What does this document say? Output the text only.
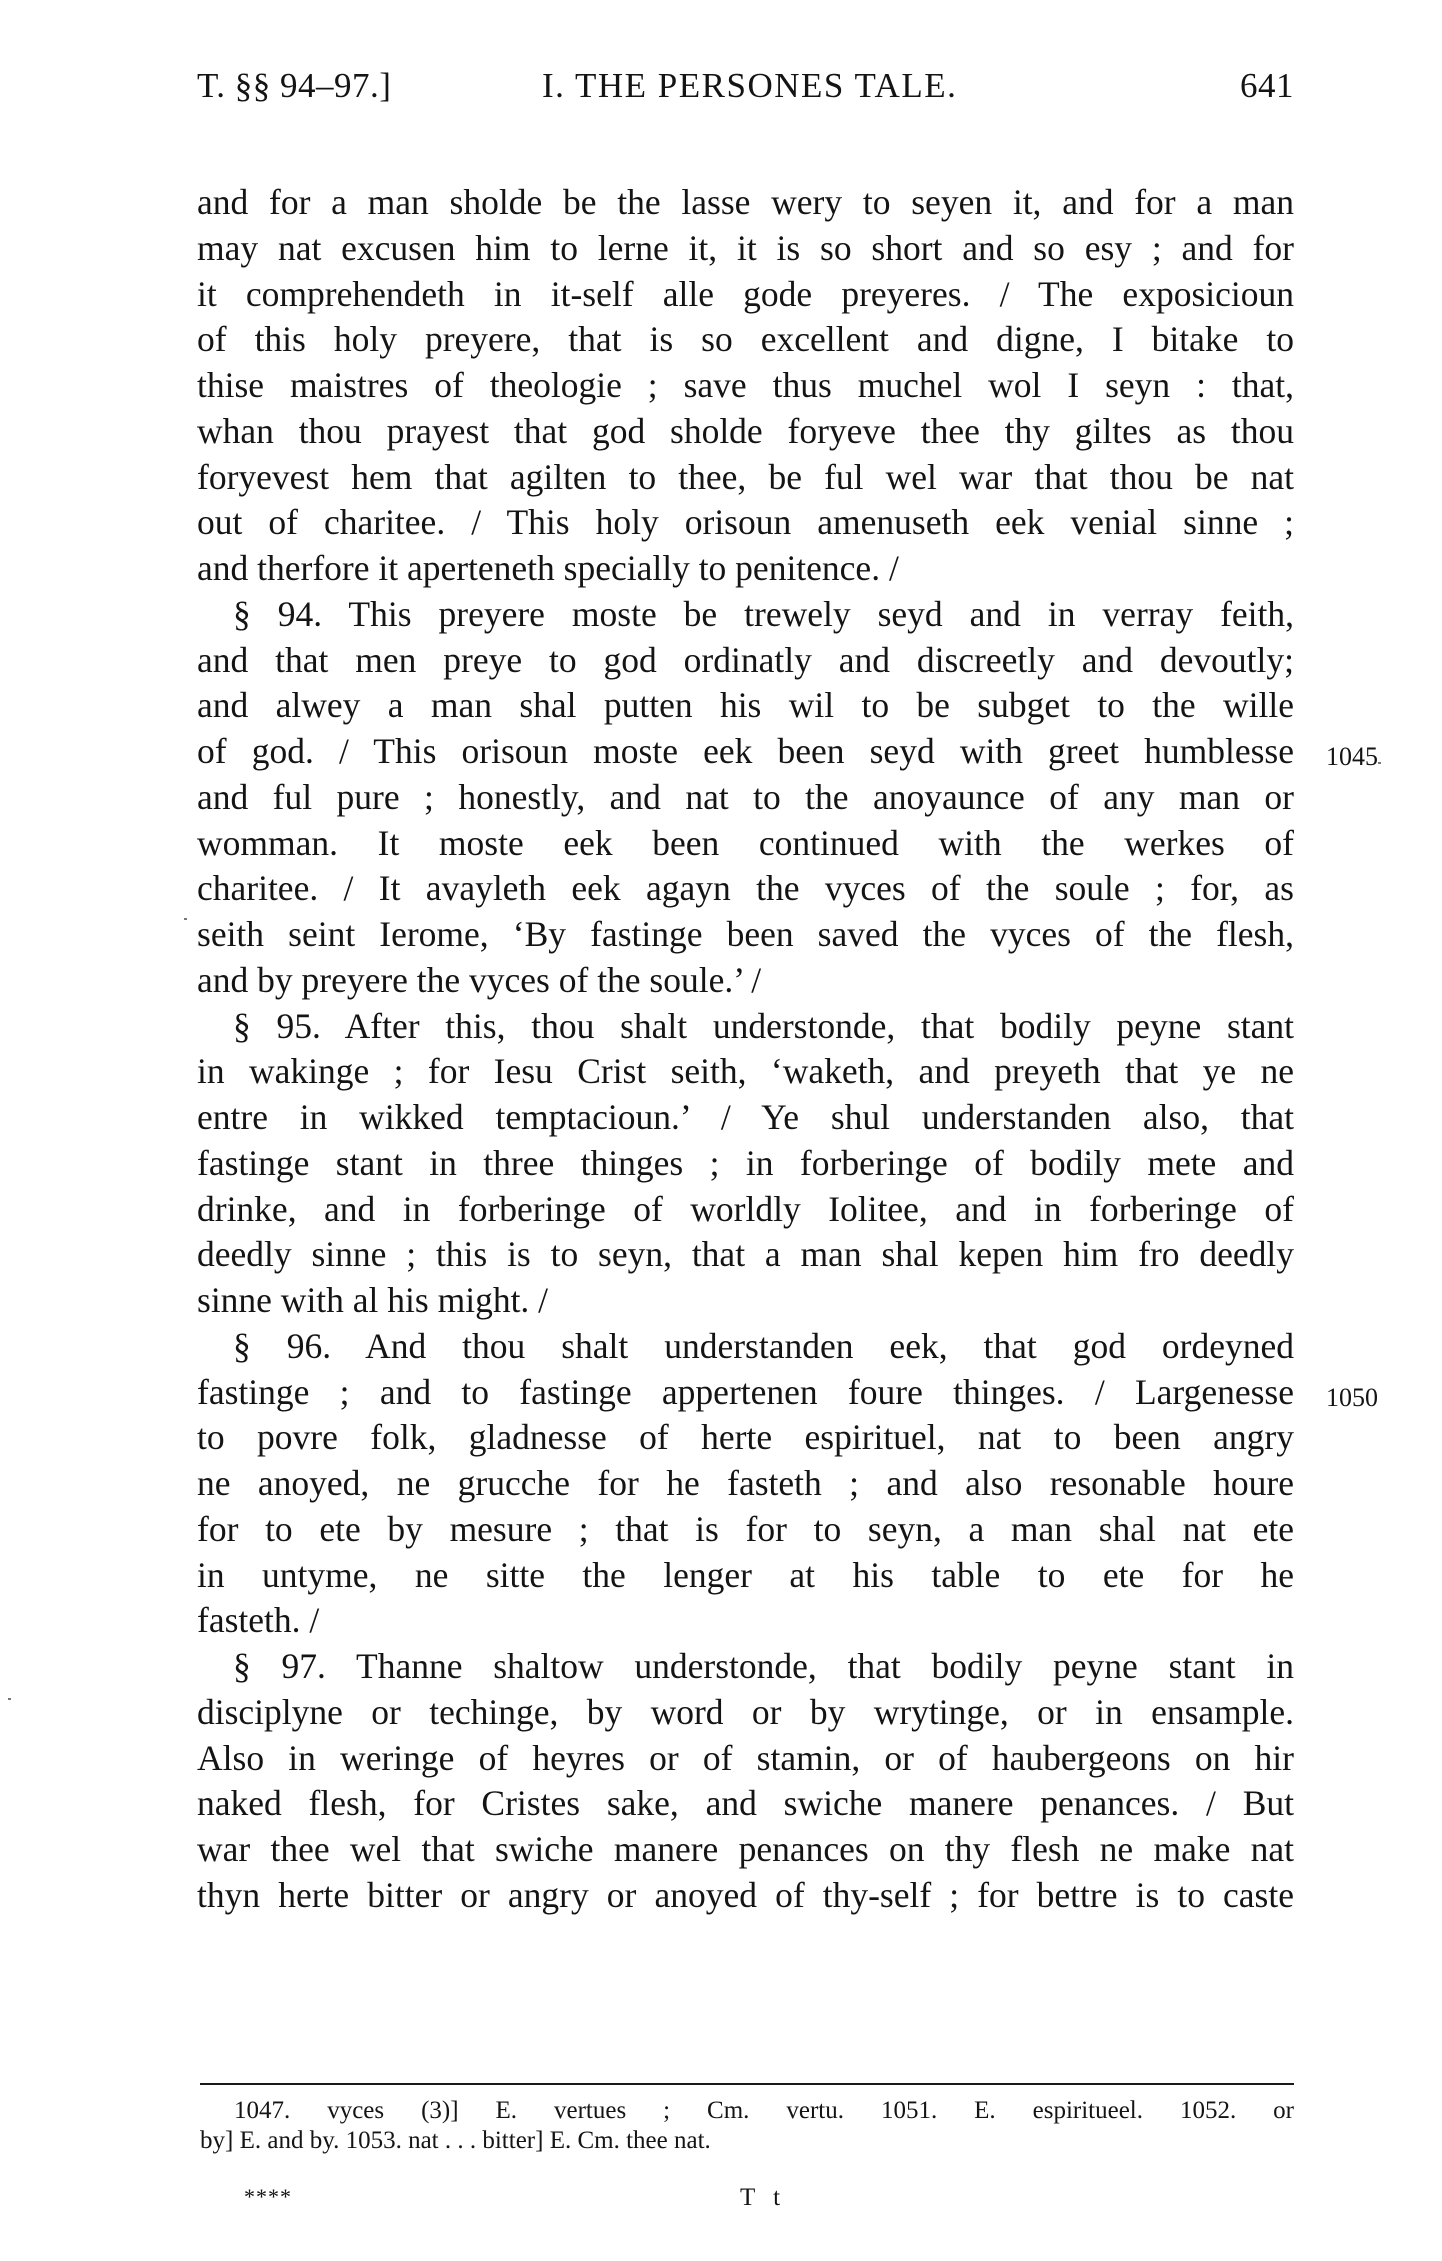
T. §§ 94–97.]	I. THE PERSONES TALE.	641
and for a man sholde be the lasse wery to seyen it, and for a man
may nat excusen him to lerne it, it is so short and so esy ; and for
it comprehendeth in it-self alle gode preyeres. / The exposicioun
of this holy preyere, that is so excellent and digne, I bitake to
thise maistres of theologie ; save thus muchel wol I seyn : that,
whan thou prayest that god sholde foryeve thee thy giltes as thou
foryevest hem that agilten to thee, be ful wel war that thou be nat
out of charitee. / This holy orisoun amenuseth eek venial sinne ;
and therfore it aperteneth specially to penitence. /
§ 94. This preyere moste be trewely seyd and in verray feith,
and that men preye to god ordinatly and discreetly and devoutly;
and alwey a man shal putten his wil to be subget to the wille
of god. / This orisoun moste eek been seyd with greet humblesse
and ful pure ; honestly, and nat to the anoyaunce of any man or
womman. It moste eek been continued with the werkes of
charitee. / It avayleth eek agayn the vyces of the soule ; for, as
seith seint Ierome, ‘By fastinge been saved the vyces of the flesh,
and by preyere the vyces of the soule.’ /
§ 95. After this, thou shalt understonde, that bodily peyne stant
in wakinge ; for Iesu Crist seith, ‘waketh, and preyeth that ye ne
entre in wikked temptacioun.’ / Ye shul understanden also, that
fastinge stant in three thinges ; in forberinge of bodily mete and
drinke, and in forberinge of worldly Iolitee, and in forberinge of
deedly sinne ; this is to seyn, that a man shal kepen him fro deedly
sinne with al his might. /
§ 96. And thou shalt understanden eek, that god ordeyned
fastinge ; and to fastinge appertenen foure thinges. / Largenesse
to povre folk, gladnesse of herte espirituel, nat to been angry
ne anoyed, ne grucche for he fasteth ; and also resonable houre
for to ete by mesure ; that is for to seyn, a man shal nat ete
in untyme, ne sitte the lenger at his table to ete for he
fasteth. /
§ 97. Thanne shaltow understonde, that bodily peyne stant in
disciplyne or techinge, by word or by wrytinge, or in ensample.
Also in weringe of heyres or of stamin, or of haubergeons on hir
naked flesh, for Cristes sake, and swiche manere penances. / But
war thee wel that swiche manere penances on thy flesh ne make nat
thyn herte bitter or angry or anoyed of thy-self ; for bettre is to caste
1045
1050
1047. vyces (3)] E. vertues ; Cm. vertu. 1051. E. espiritueel. 1052. or
by] E. and by. 1053. nat . . . bitter] E. Cm. thee nat.
****	T t
